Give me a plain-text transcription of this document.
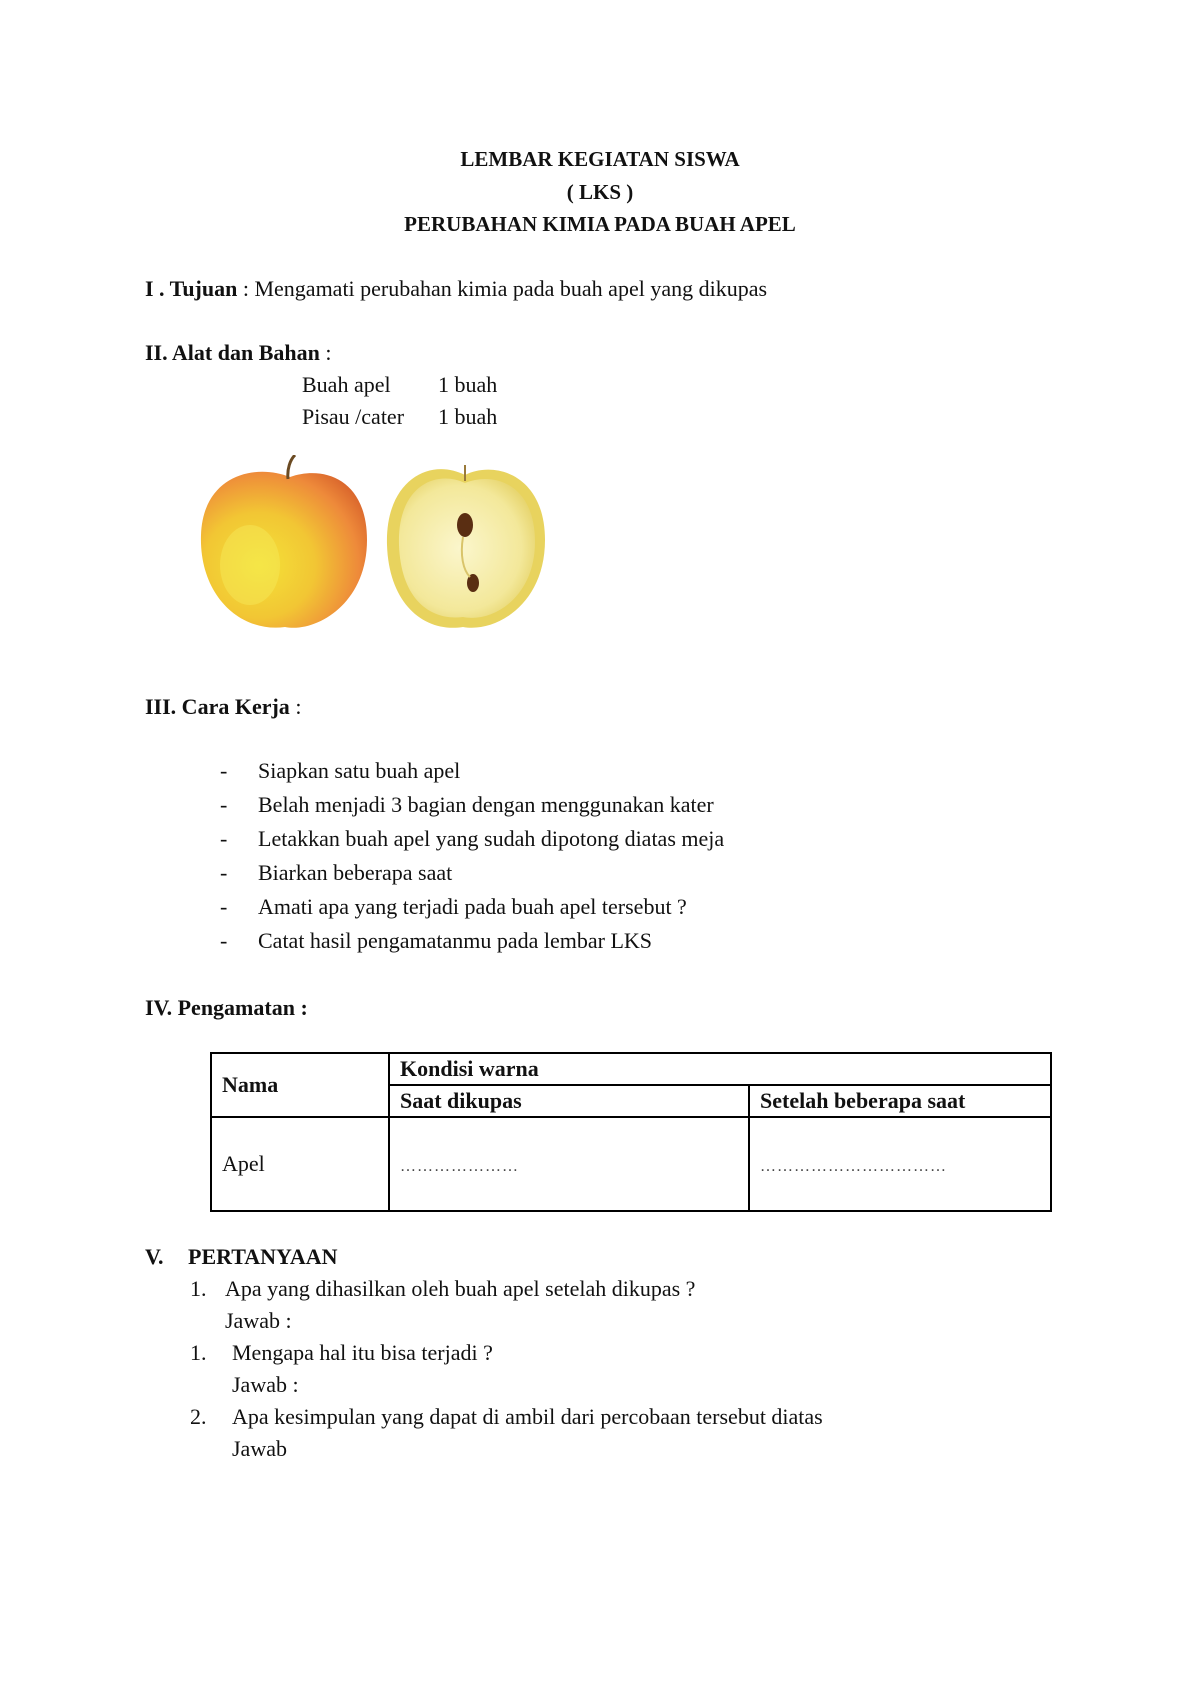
LEMBAR KEGIATAN SISWA
( LKS )
PERUBAHAN KIMIA PADA BUAH APEL
I . Tujuan : Mengamati perubahan kimia pada buah apel yang dikupas
II. Alat dan Bahan :
Buah apel 1 buah
Pisau /cater 1 buah
III. Cara Kerja :
- Siapkan satu buah apel
- Belah menjadi 3 bagian dengan menggunakan kater
- Letakkan buah apel yang sudah dipotong diatas meja
- Biarkan beberapa saat
- Amati apa yang terjadi pada buah apel tersebut ?
- Catat hasil pengamatanmu pada lembar LKS
IV. Pengamatan :
Nama	Kondisi warna	
	Saat dikupas	Setelah beberapa saat
Apel	…………………	……………………………
V. PERTANYAAN
1. Apa yang dihasilkan oleh buah apel setelah dikupas ?
Jawab :
1. Mengapa hal itu bisa terjadi ?
Jawab :
2. Apa kesimpulan yang dapat di ambil dari percobaan tersebut diatas
Jawab
